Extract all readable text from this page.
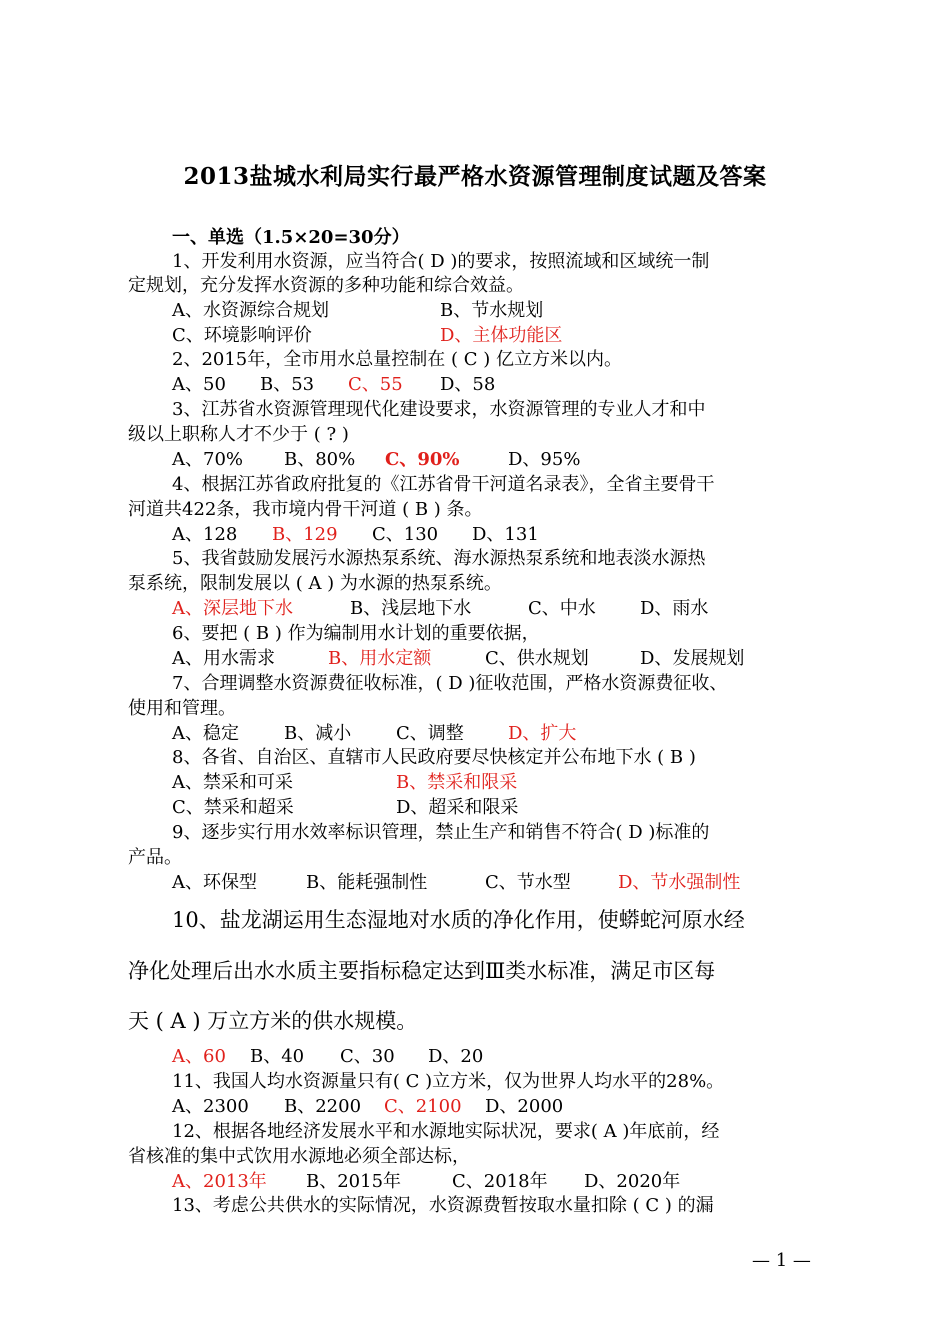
2013盐城水利局实行最严格水资源管理制度试题及答案
一、单选（1.5×20=30分）
1、开发利用水资源，应当符合( D )的要求，按照流域和区域统一制
定规划，充分发挥水资源的多种功能和综合效益。
A、水资源综合规划	B、节水规划
C、环境影响评价	D、主体功能区
2、2015年，全市用水总量控制在 ( C ) 亿立方米以内。
A、50 B、53 C、55 D、58
3、江苏省水资源管理现代化建设要求，水资源管理的专业人才和中
级以上职称人才不少于 ( ? )
A、70% B、80% C、90%	D、95%
4、根据江苏省政府批复的《江苏省骨干河道名录表》，全省主要骨干
河道共422条，我市境内骨干河道 ( B ) 条。
A、128 B、129 C、130 D、131
5、我省鼓励发展污水源热泵系统、海水源热泵系统和地表淡水源热
泵系统，限制发展以 ( A ) 为水源的热泵系统。
A、深层地下水	B、浅层地下水	C、中水 D、雨水
6、要把 ( B ) 作为编制用水计划的重要依据，
A、用水需求	B、用水定额	C、供水规划	D、发展规划
7、合理调整水资源费征收标准，( D )征收范围，严格水资源费征收、
使用和管理。
A、稳定	B、减小 C、调整 D、扩大
8、各省、自治区、直辖市人民政府要尽快核定并公布地下水 ( B )
A、禁采和可采	B、禁采和限采
C、禁采和超采	D、超采和限采
9、逐步实行用水效率标识管理，禁止生产和销售不符合( D )标准的
产品。
A、环保型	B、能耗强制性	C、节水型	D、节水强制性
10、盐龙湖运用生态湿地对水质的净化作用，使蟒蛇河原水经
净化处理后出水水质主要指标稳定达到Ⅲ类水标准，满足市区每
天 ( A ) 万立方米的供水规模。
A、60 B、40 C、30 D、20
11、我国人均水资源量只有( C )立方米，仅为世界人均水平的28%。
A、2300 B、2200 C、2100 D、2000
12、根据各地经济发展水平和水源地实际状况，要求( A )年底前，经
省核准的集中式饮用水源地必须全部达标，
A、2013年 B、2015年	C、2018年 D、2020年
13、考虑公共供水的实际情况，水资源费暂按取水量扣除 ( C ) 的漏
— 1 —
